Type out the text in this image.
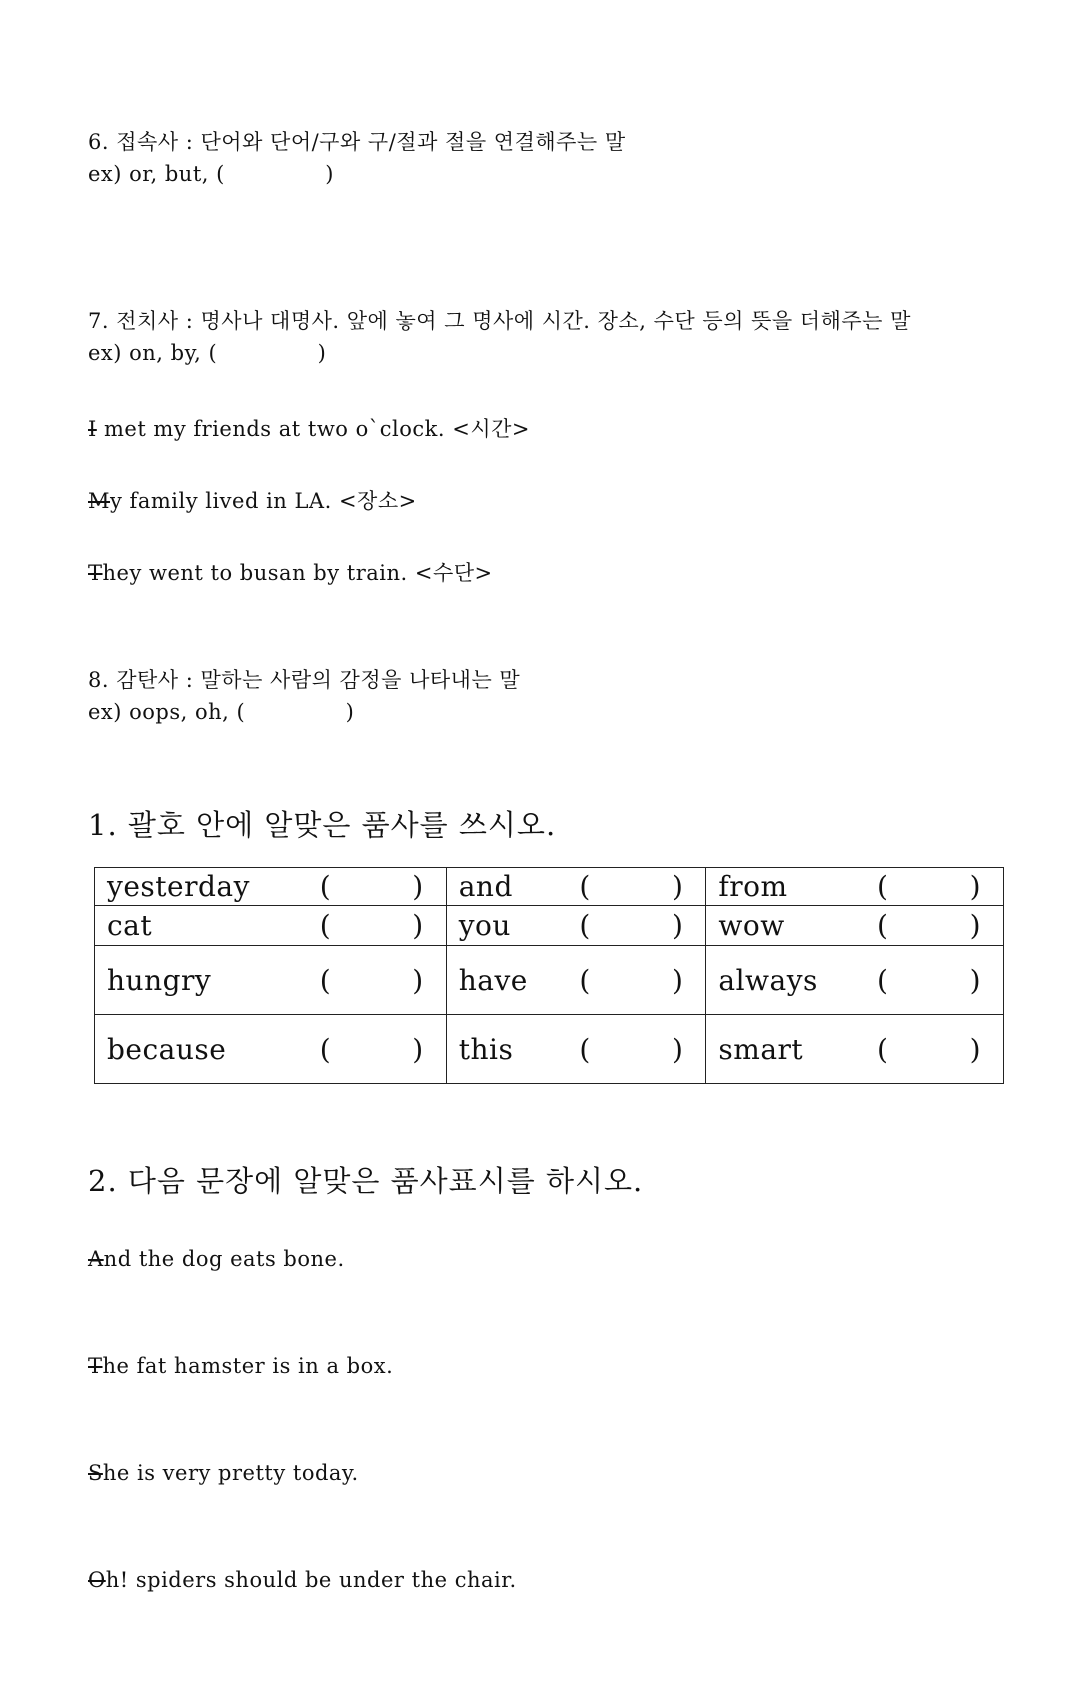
6. 접속사 : 단어와 단어/구와 구/절과 절을 연결해주는 말
ex) or, but, (              )
7. 전치사 : 명사나 대명사. 앞에 놓여 그 명사에 시간. 장소, 수단 등의 뜻을 더해주는 말
ex) on, by, (              )
I met my friends at two o`clock. <시간>
My family lived in LA. <장소>
They went to busan by train. <수단>
8. 감탄사 : 말하는 사람의 감정을 나타내는 말
ex) oops, oh, (              )
1. 괄호 안에 알맞은 품사를 쓰시오.
yesterday ( )	and ( )	from ( )

cat ( )	you ( )	wow ( )

hungry ( )	have ( )	always ( )

because ( )	this ( )	smart ( )
2. 다음 문장에 알맞은 품사표시를 하시오.
And the dog eats bone.
The fat hamster is in a box.
She is very pretty today.
Oh! spiders should be under the chair.
